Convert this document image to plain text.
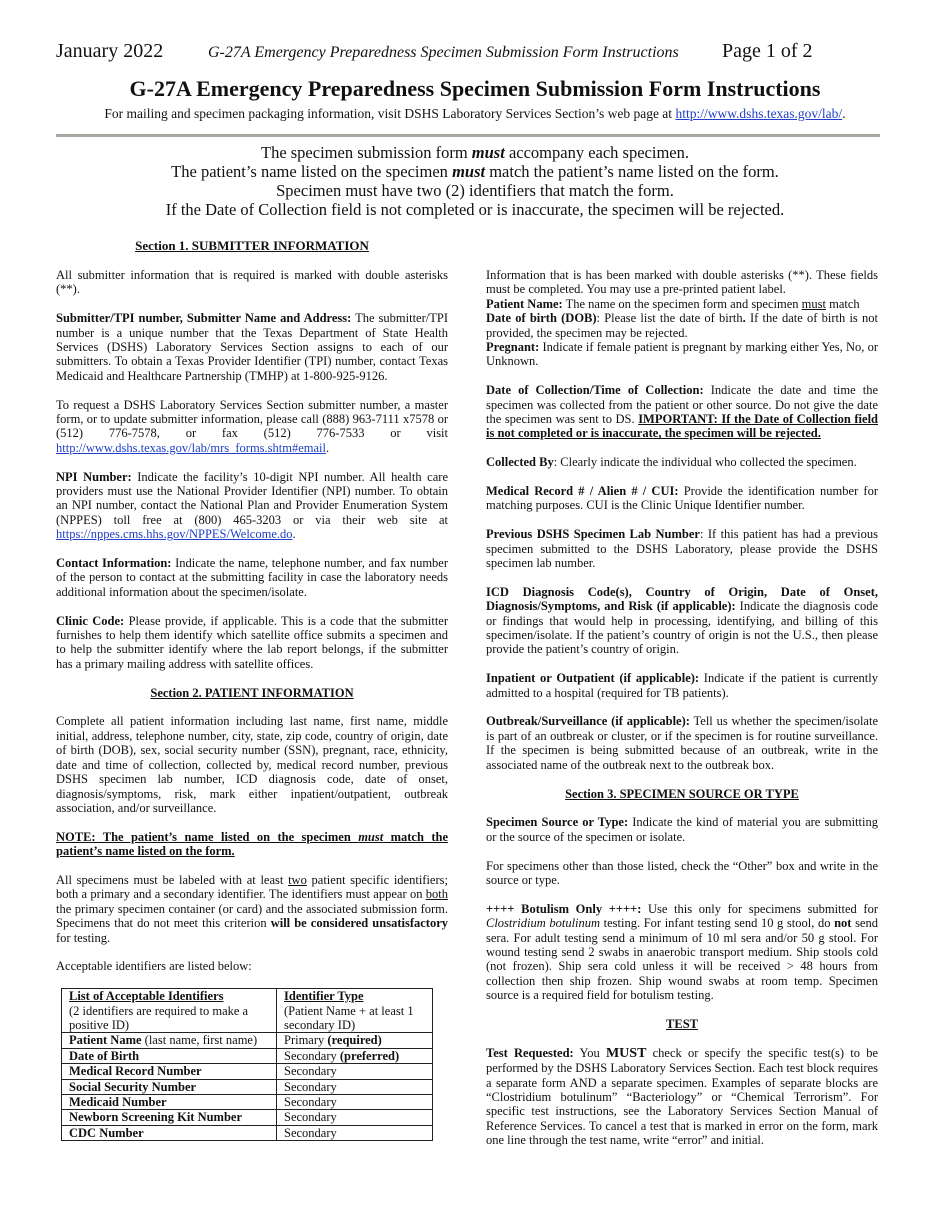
January 2022	G-27A Emergency Preparedness Specimen Submission Form Instructions Page 1 of 2
G-27A Emergency Preparedness Specimen Submission Form Instructions
For mailing and specimen packaging information, visit DSHS Laboratory Services Section’s web page at http://www.dshs.texas.gov/lab/.
The specimen submission form must accompany each specimen.
The patient’s name listed on the specimen must match the patient’s name listed on the form.
Specimen must have two (2) identifiers that match the form.
If the Date of Collection field is not completed or is inaccurate, the specimen will be rejected.
Section 1. SUBMITTER INFORMATION

All submitter information that is required is marked with double asterisks (**).

Submitter/TPI number, Submitter Name and Address: The submitter/TPI number is a unique number that the Texas Department of State Health Services (DSHS) Laboratory Services Section assigns to each of our submitters. To obtain a Texas Provider Identifier (TPI) number, contact Texas Medicaid and Healthcare Partnership (TMHP) at 1-800-925-9126.

To request a DSHS Laboratory Services Section submitter number, a master form, or to update submitter information, please call (888) 963-7111 x7578 or (512) 776-7578, or fax (512) 776-7533 or visit http://www.dshs.texas.gov/lab/mrs_forms.shtm#email.

NPI Number: Indicate the facility’s 10-digit NPI number. All health care providers must use the National Provider Identifier (NPI) number. To obtain an NPI number, contact the National Plan and Provider Enumeration System (NPPES) toll free at (800) 465-3203 or via their web site at https://nppes.cms.hhs.gov/NPPES/Welcome.do.

Contact Information: Indicate the name, telephone number, and fax number of the person to contact at the submitting facility in case the laboratory needs additional information about the specimen/isolate.

Clinic Code: Please provide, if applicable. This is a code that the submitter furnishes to help them identify which satellite office submits a specimen and to help the submitter identify where the lab report belongs, if the submitter has a primary mailing address with satellite offices.

Section 2. PATIENT INFORMATION

Complete all patient information including last name, first name, middle initial, address, telephone number, city, state, zip code, country of origin, date of birth (DOB), sex, social security number (SSN), pregnant, race, ethnicity, date and time of collection, collected by, medical record number, previous DSHS specimen lab number, ICD diagnosis code, date of onset, diagnosis/symptoms, risk, mark either inpatient/outpatient, outbreak association, and/or surveillance.

NOTE: The patient’s name listed on the specimen must match the patient’s name listed on the form.

All specimens must be labeled with at least two patient specific identifiers; both a primary and a secondary identifier. The identifiers must appear on both the primary specimen container (or card) and the associated submission form. Specimens that do not meet this criterion will be considered unsatisfactory for testing.

Acceptable identifiers are listed below:

List of Acceptable Identifiers
(2 identifiers are required to make a positive ID)	Identifier Type
(Patient Name + at least 1 secondary ID)
Patient Name (last name, first name)	Primary (required)
Date of Birth	Secondary (preferred)
Medical Record Number	Secondary
Social Security Number	Secondary
Medicaid Number	Secondary
Newborn Screening Kit Number	Secondary
CDC Number	Secondary

Information that is has been marked with double asterisks (**). These fields must be completed. You may use a pre-printed patient label.

Patient Name: The name on the specimen form and specimen must match

Date of birth (DOB): Please list the date of birth. If the date of birth is not provided, the specimen may be rejected.

Pregnant: Indicate if female patient is pregnant by marking either Yes, No, or Unknown.

Date of Collection/Time of Collection: Indicate the date and time the specimen was collected from the patient or other source. Do not give the date the specimen was sent to DS. IMPORTANT: If the Date of Collection field is not completed or is inaccurate, the specimen will be rejected.

Collected By: Clearly indicate the individual who collected the specimen.

Medical Record # / Alien # / CUI: Provide the identification number for matching purposes. CUI is the Clinic Unique Identifier number.

Previous DSHS Specimen Lab Number: If this patient has had a previous specimen submitted to the DSHS Laboratory, please provide the DSHS specimen lab number.

ICD Diagnosis Code(s), Country of Origin, Date of Onset, Diagnosis/Symptoms, and Risk (if applicable): Indicate the diagnosis code or findings that would help in processing, identifying, and billing of this specimen/isolate. If the patient’s country of origin is not the U.S., then please provide the patient’s country of origin.

Inpatient or Outpatient (if applicable): Indicate if the patient is currently admitted to a hospital (required for TB patients).

Outbreak/Surveillance (if applicable): Tell us whether the specimen/isolate is part of an outbreak or cluster, or if the specimen is for routine surveillance. If the specimen is being submitted because of an outbreak, write in the associated name of the outbreak next to the outbreak box.

Section 3. SPECIMEN SOURCE OR TYPE

Specimen Source or Type: Indicate the kind of material you are submitting or the source of the specimen or isolate.

For specimens other than those listed, check the “Other” box and write in the source or type.

++++ Botulism Only ++++: Use this only for specimens submitted for Clostridium botulinum testing. For infant testing send 10 g stool, do not send sera. For adult testing send a minimum of 10 ml sera and/or 50 g stool. For wound testing send 2 swabs in anaerobic transport medium. Ship stools cold (not frozen). Ship sera cold unless it will be received > 48 hours from collection then ship frozen. Ship wound swabs at room temp. Specimen source is a required field for botulism testing.

TEST

Test Requested: You MUST check or specify the specific test(s) to be performed by the DSHS Laboratory Services Section. Each test block requires a separate form AND a separate specimen. Examples of separate blocks are “Clostridium botulinum” “Bacteriology” or “Chemical Terrorism”. For specific test instructions, see the Laboratory Services Section Manual of Reference Services. To cancel a test that is marked in error on the form, mark one line through the test name, write “error” and initial.
